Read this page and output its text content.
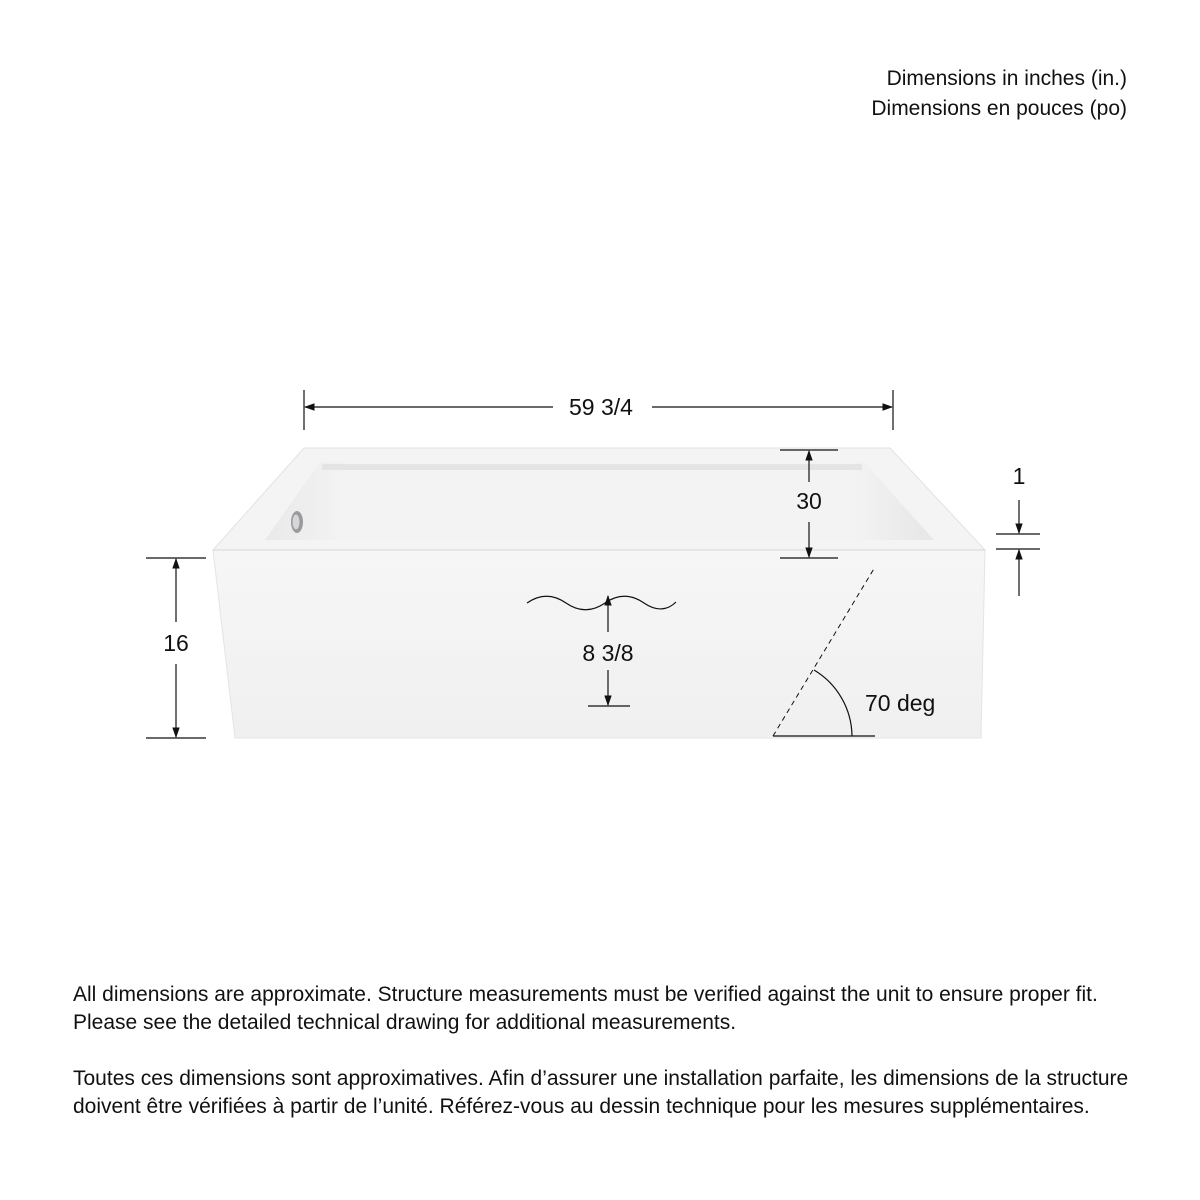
Dimensions in inches (in.)
Dimensions en pouces (po)
59 3/4
30
1
16	8 3/8
70 deg

All dimensions are approximate. Structure measurements must be verified against the unit to ensure proper fit. Please see the detailed technical drawing for additional measurements.

Toutes ces dimensions sont approximatives. Afin d’assurer une installation parfaite, les dimensions de la structure doivent être vérifiées à partir de l’unité. Référez-vous au dessin technique pour les mesures supplémentaires.
